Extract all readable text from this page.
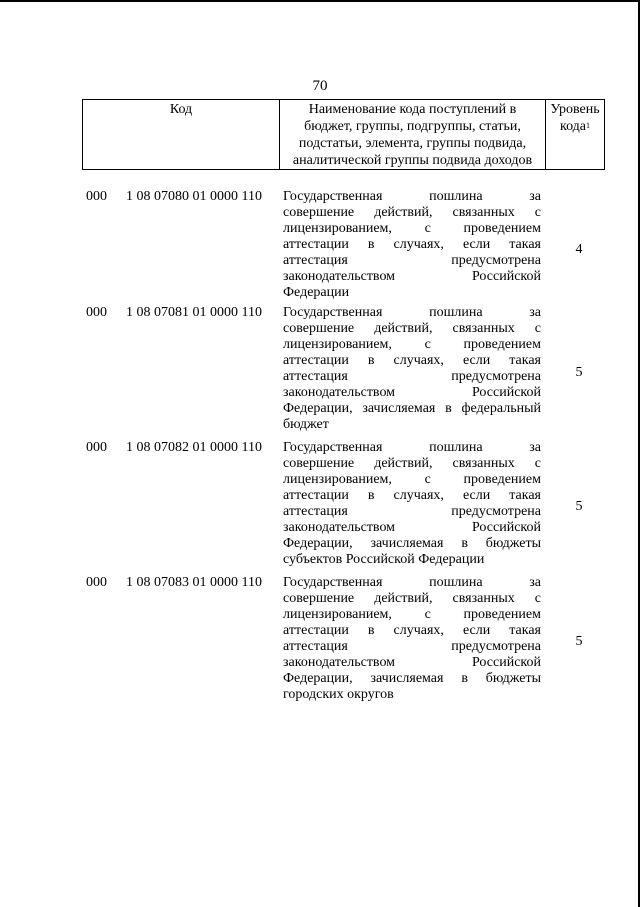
70
Код	Наименование кода поступлений в
бюджет, группы, подгруппы, статьи,
подстатьи, элемента, группы подвида,
аналитической группы подвида доходов
Уровень
кода$^1$
000 1 08 07080 01 0000 110 Государственная пошлина за
совершение действий, связанных с
лицензированием, с проведением
аттестации в случаях, если такая
аттестация предусмотрена
законодательством Российской
Федерации
4
000 1 08 07081 01 0000 110 Государственная пошлина за
совершение действий, связанных с
лицензированием, с проведением
аттестации в случаях, если такая
аттестация предусмотрена
законодательством Российской
Федерации, зачисляемая в федеральный
бюджет
5
000 1 08 07082 01 0000 110 Государственная пошлина за
совершение действий, связанных с
лицензированием, с проведением
аттестации в случаях, если такая
аттестация предусмотрена
законодательством Российской
Федерации, зачисляемая в бюджеты
субъектов Российской Федерации
5
000 1 08 07083 01 0000 110 Государственная пошлина за
совершение действий, связанных с
лицензированием, с проведением
аттестации в случаях, если такая
аттестация предусмотрена
законодательством Российской
Федерации, зачисляемая в бюджеты
городских округов
5
